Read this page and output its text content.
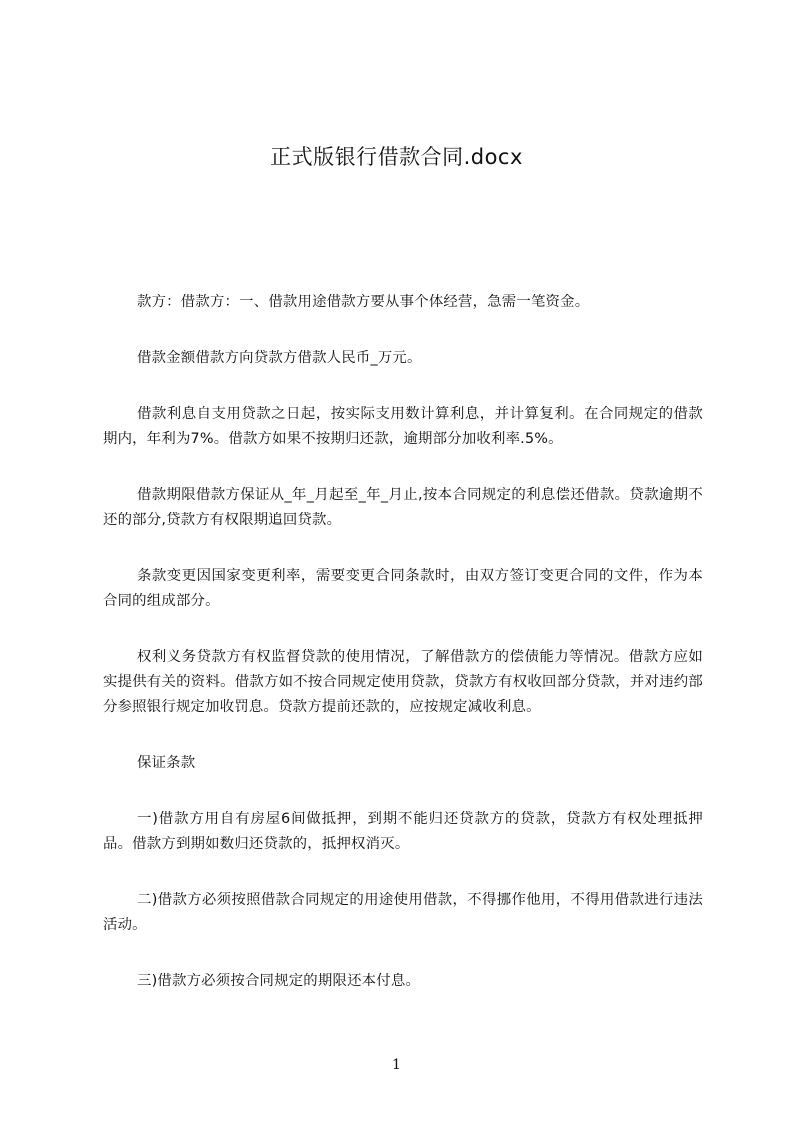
正式版银行借款合同.docx

款方：借款方：一、借款用途借款方要从事个体经营，急需一笔资金。

借款金额借款方向贷款方借款人民币_万元。

借款利息自支用贷款之日起，按实际支用数计算利息，并计算复利。在合同规定的借款期内，年利为7%。借款方如果不按期归还款，逾期部分加收利率.5%。

借款期限借款方保证从_年_月起至_年_月止,按本合同规定的利息偿还借款。贷款逾期不还的部分,贷款方有权限期追回贷款。

条款变更因国家变更利率，需要变更合同条款时，由双方签订变更合同的文件，作为本合同的组成部分。

权利义务贷款方有权监督贷款的使用情况，了解借款方的偿债能力等情况。借款方应如实提供有关的资料。借款方如不按合同规定使用贷款，贷款方有权收回部分贷款，并对违约部分参照银行规定加收罚息。贷款方提前还款的，应按规定减收利息。

保证条款

一)借款方用自有房屋6间做抵押，到期不能归还贷款方的贷款，贷款方有权处理抵押品。借款方到期如数归还贷款的，抵押权消灭。

二)借款方必须按照借款合同规定的用途使用借款，不得挪作他用，不得用借款进行违法活动。

三)借款方必须按合同规定的期限还本付息。

1
